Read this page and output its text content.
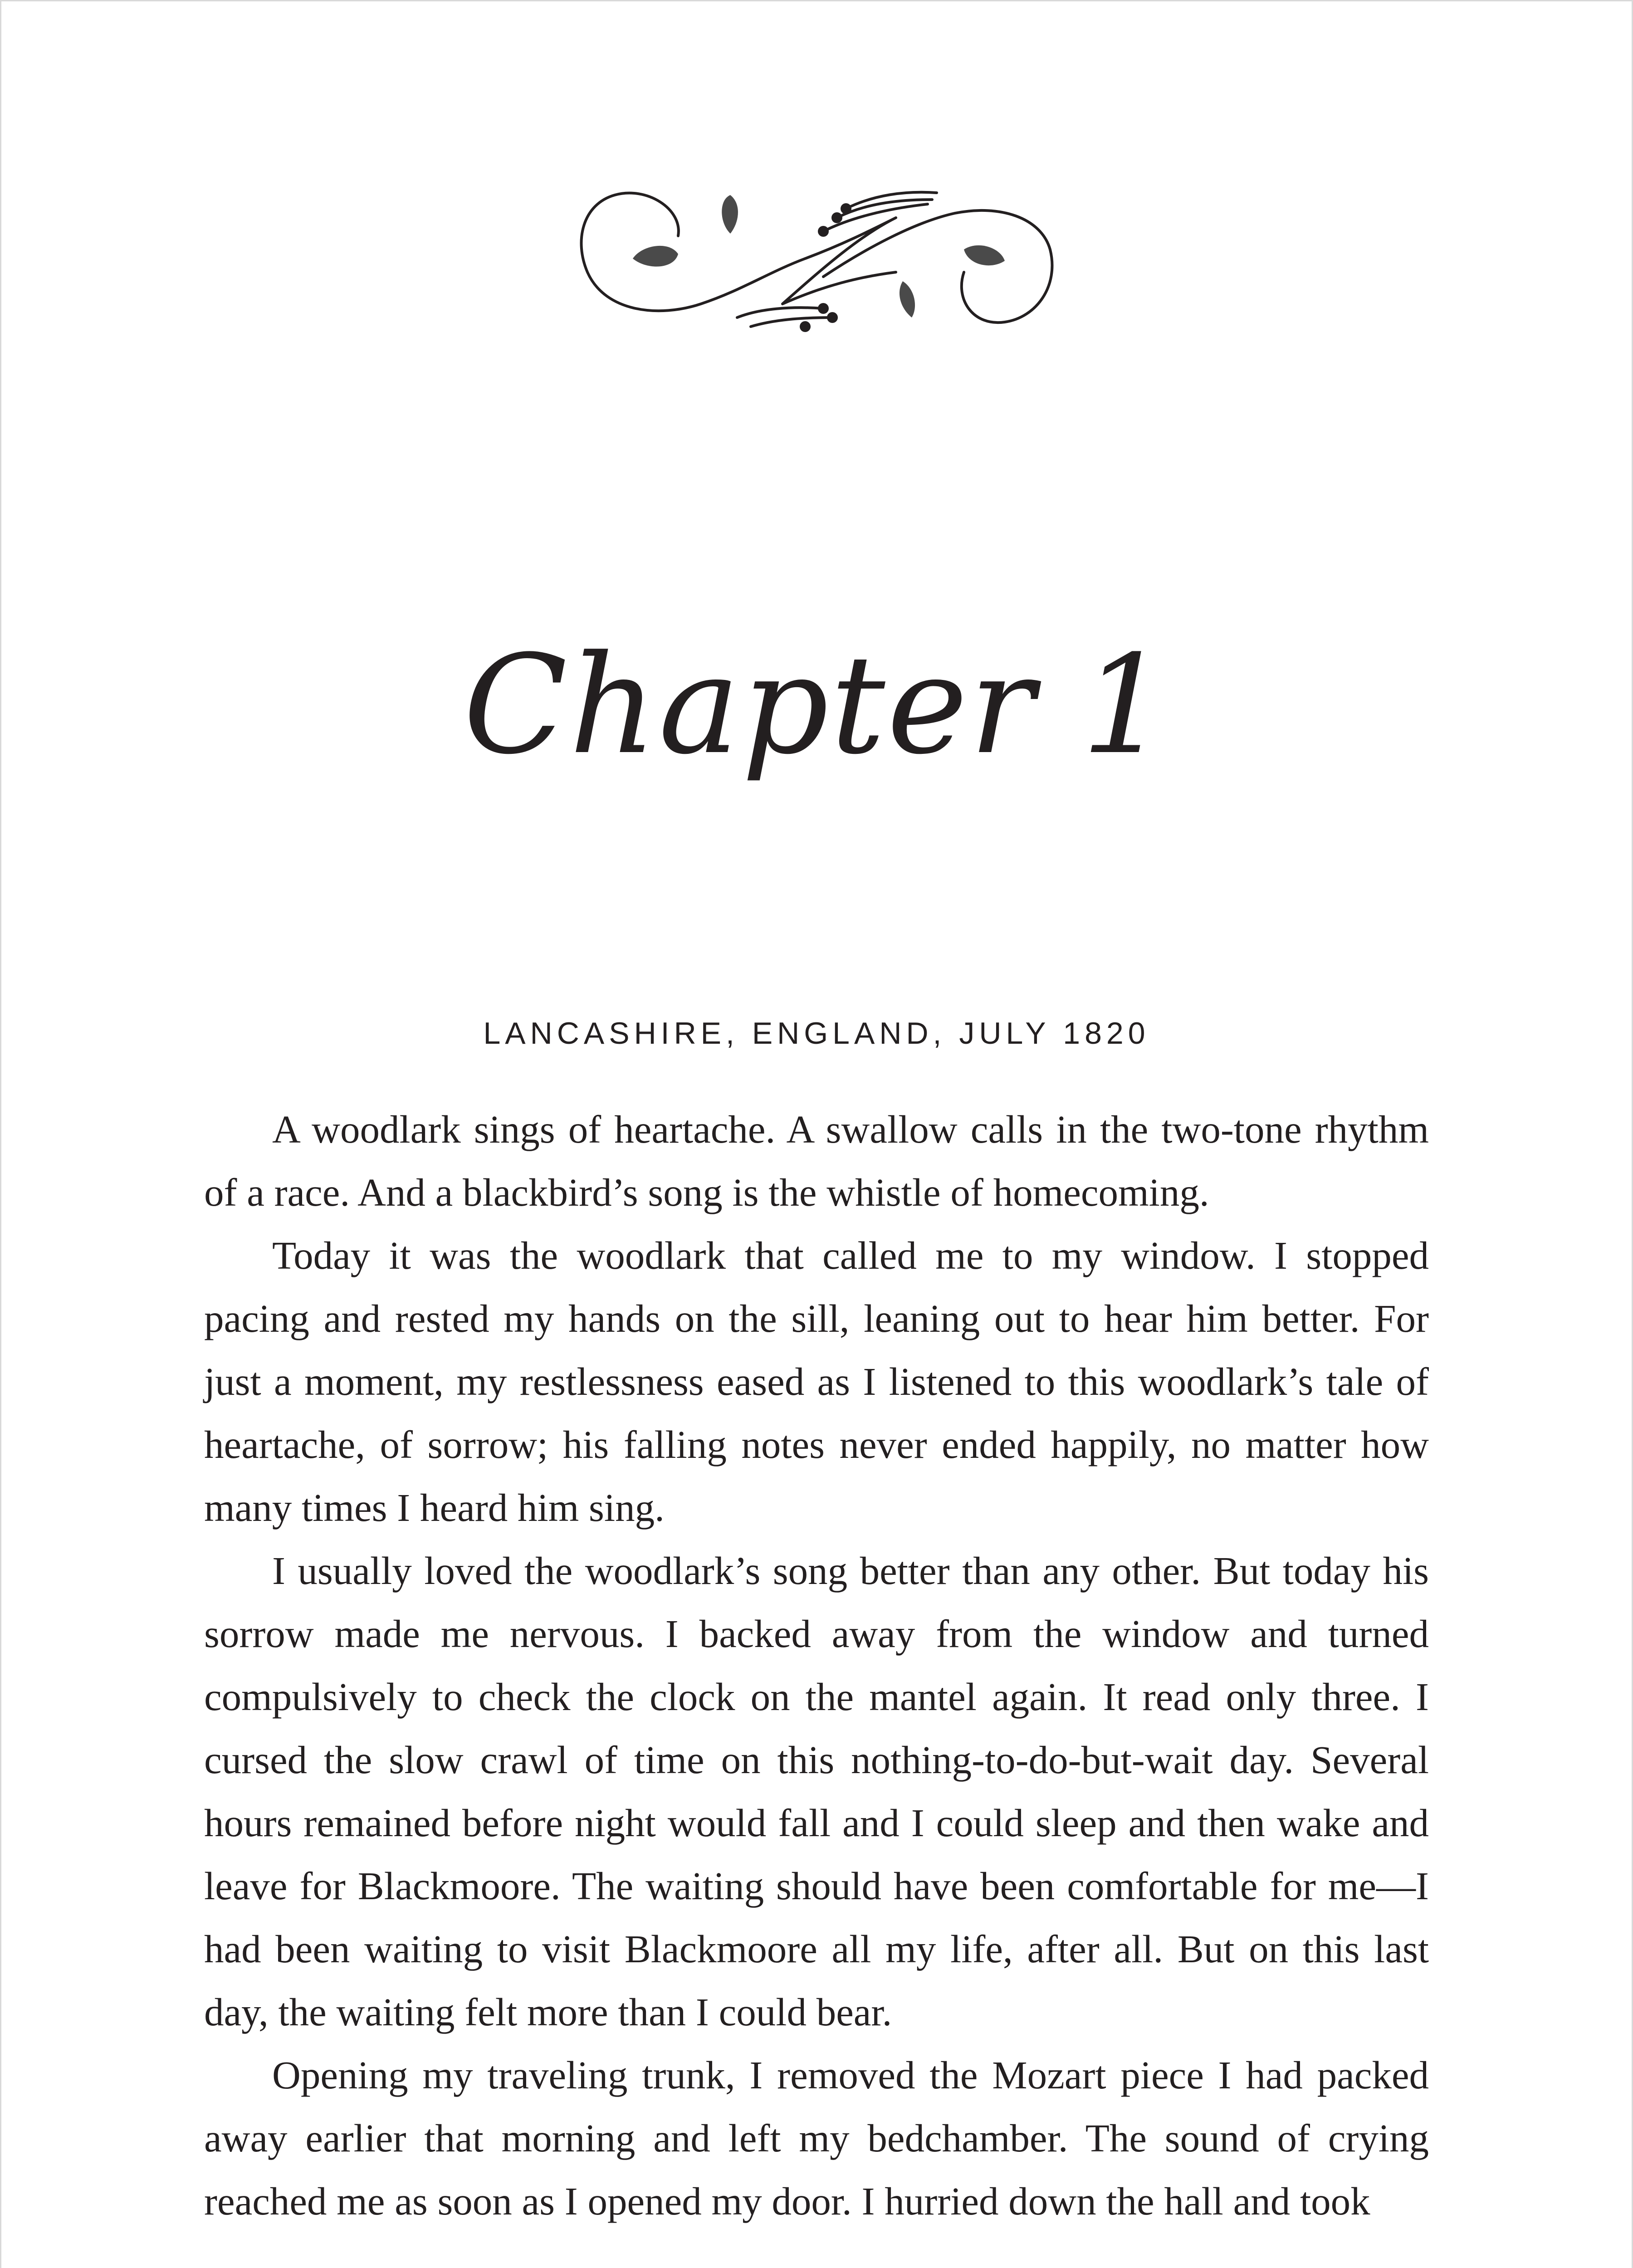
Chapter 1
LANCASHIRE, ENGLAND, JULY 1820

A woodlark sings of heartache. A swallow calls in the two-tone rhythm of a race. And a blackbird’s song is the whistle of homecoming.

Today it was the woodlark that called me to my window. I stopped pacing and rested my hands on the sill, leaning out to hear him better. For just a moment, my restlessness eased as I listened to this woodlark’s tale of heartache, of sorrow; his falling notes never ended happily, no matter how many times I heard him sing.

I usually loved the woodlark’s song better than any other. But today his sorrow made me nervous. I backed away from the window and turned compulsively to check the clock on the mantel again. It read only three. I cursed the slow crawl of time on this nothing-to-do-but-wait day. Several hours remained before night would fall and I could sleep and then wake and leave for Blackmoore. The waiting should have been comfortable for me—I had been waiting to visit Blackmoore all my life, after all. But on this last day, the waiting felt more than I could bear.

Opening my traveling trunk, I removed the Mozart piece I had packed away earlier that morning and left my bedchamber. The sound of crying reached me as soon as I opened my door. I hurried down the hall and took
